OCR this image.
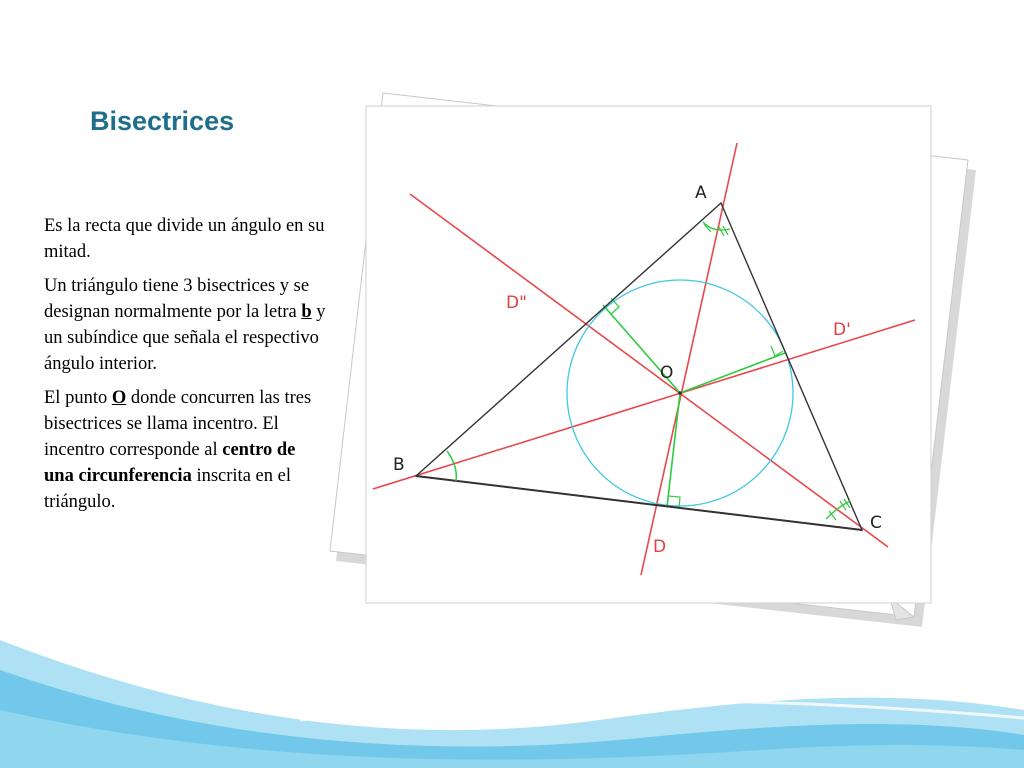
Bisectrices

Es la recta que divide un ángulo en su mitad.

Un triángulo tiene 3 bisectrices y se designan normalmente por la letra b y un subíndice que señala el respectivo ángulo interior.

El punto O donde concurren las tres bisectrices se llama incentro. El incentro corresponde al centro de una circunferencia inscrita en el triángulo.

A
B
C
O
D
D'
D"
